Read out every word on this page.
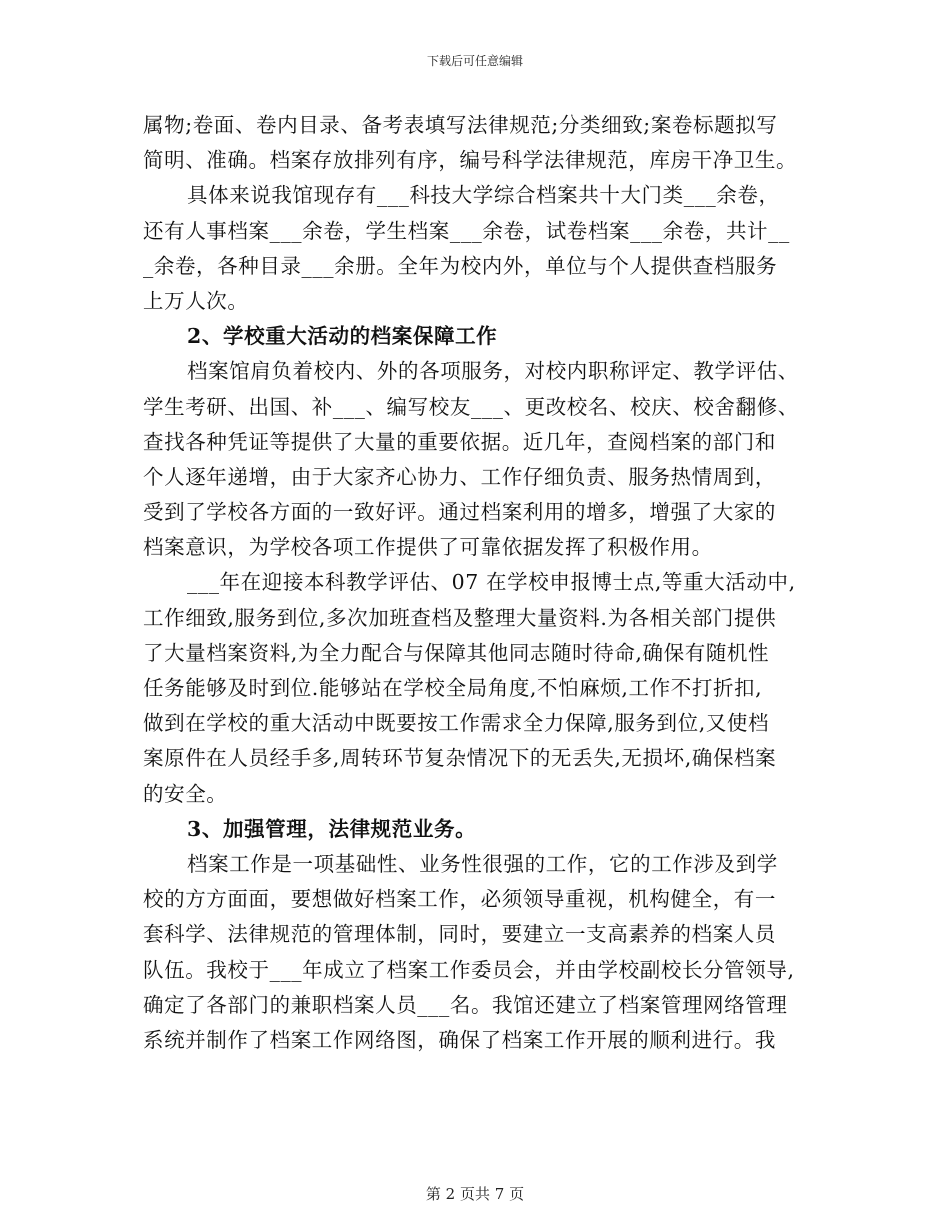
下载后可任意编辑
属物;卷面、卷内目录、备考表填写法律规范;分类细致;案卷标题拟写
简明、准确。档案存放排列有序，编号科学法律规范，库房干净卫生。
具体来说我馆现存有___科技大学综合档案共十大门类___余卷，
还有人事档案___余卷，学生档案___余卷，试卷档案___余卷，共计__
_余卷，各种目录___余册。全年为校内外，单位与个人提供查档服务
上万人次。
2、学校重大活动的档案保障工作
档案馆肩负着校内、外的各项服务，对校内职称评定、教学评估、
学生考研、出国、补___、编写校友___、更改校名、校庆、校舍翻修、
查找各种凭证等提供了大量的重要依据。近几年，查阅档案的部门和
个人逐年递增，由于大家齐心协力、工作仔细负责、服务热情周到，
受到了学校各方面的一致好评。通过档案利用的增多，增强了大家的
档案意识，为学校各项工作提供了可靠依据发挥了积极作用。
___年在迎接本科教学评估、07 在学校申报博士点,等重大活动中,
工作细致,服务到位,多次加班查档及整理大量资料.为各相关部门提供
了大量档案资料,为全力配合与保障其他同志随时待命,确保有随机性
任务能够及时到位.能够站在学校全局角度,不怕麻烦,工作不打折扣,
做到在学校的重大活动中既要按工作需求全力保障,服务到位,又使档
案原件在人员经手多,周转环节复杂情况下的无丢失,无损坏,确保档案
的安全。
3、加强管理，法律规范业务。
档案工作是一项基础性、业务性很强的工作，它的工作涉及到学
校的方方面面，要想做好档案工作，必须领导重视，机构健全，有一
套科学、法律规范的管理体制，同时，要建立一支高素养的档案人员
队伍。我校于___年成立了档案工作委员会，并由学校副校长分管领导,
确定了各部门的兼职档案人员___名。我馆还建立了档案管理网络管理
系统并制作了档案工作网络图，确保了档案工作开展的顺利进行。我
第 2 页共 7 页
